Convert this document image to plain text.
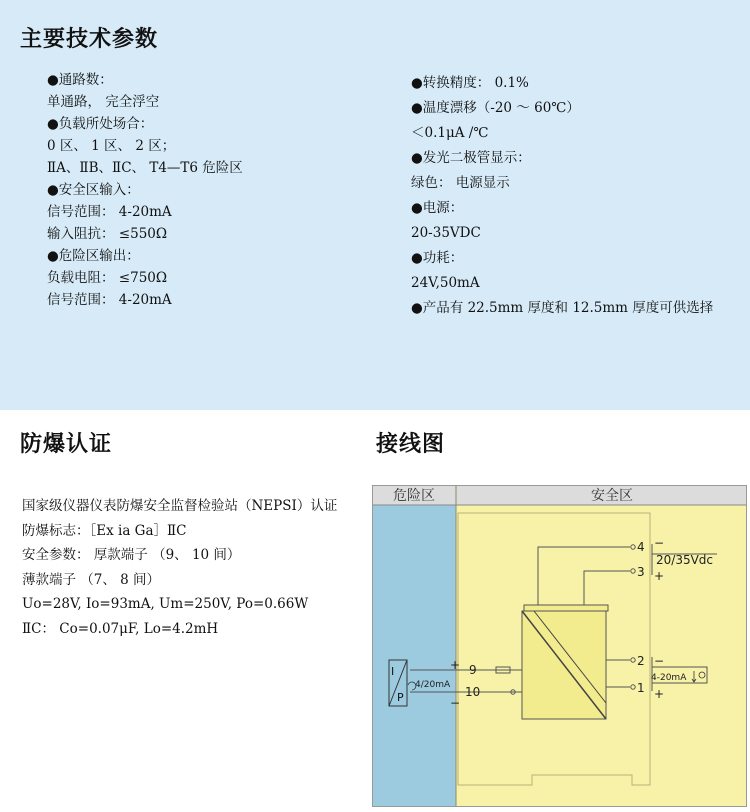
主要技术参数
●通路数：
单通路， 完全浮空
●负载所处场合：
0 区、 1 区、 2 区；
ⅡA、ⅡB、ⅡC、 T4—T6 危险区
●安全区输入：
信号范围： 4-20mA
输入阻抗： ≤550Ω
●危险区输出：
负载电阻： ≤750Ω
信号范围： 4-20mA
●转换精度： 0.1%
●温度漂移（-20 ～ 60℃）
＜0.1μA /℃
●发光二极管显示：
绿色： 电源显示
●电源：
20-35VDC
●功耗：
24V,50mA
●产品有 22.5mm 厚度和 12.5mm 厚度可供选择
防爆认证	接线图
国家级仪器仪表防爆安全监督检验站（NEPSI）认证
防爆标志：［Ex ia Ga］ⅡC
安全参数： 厚款端子 （9、 10 间）
薄款端子 （7、 8 间）
Uo=28V, Io=93mA, Um=250V, Po=0.66W
ⅡC： Co=0.07μF, Lo=4.2mH
危险区	安全区
4
3
−
+
20/35Vdc
9
10
+
−
4/20mA
I
P
2
1
−
+
4-20mA
